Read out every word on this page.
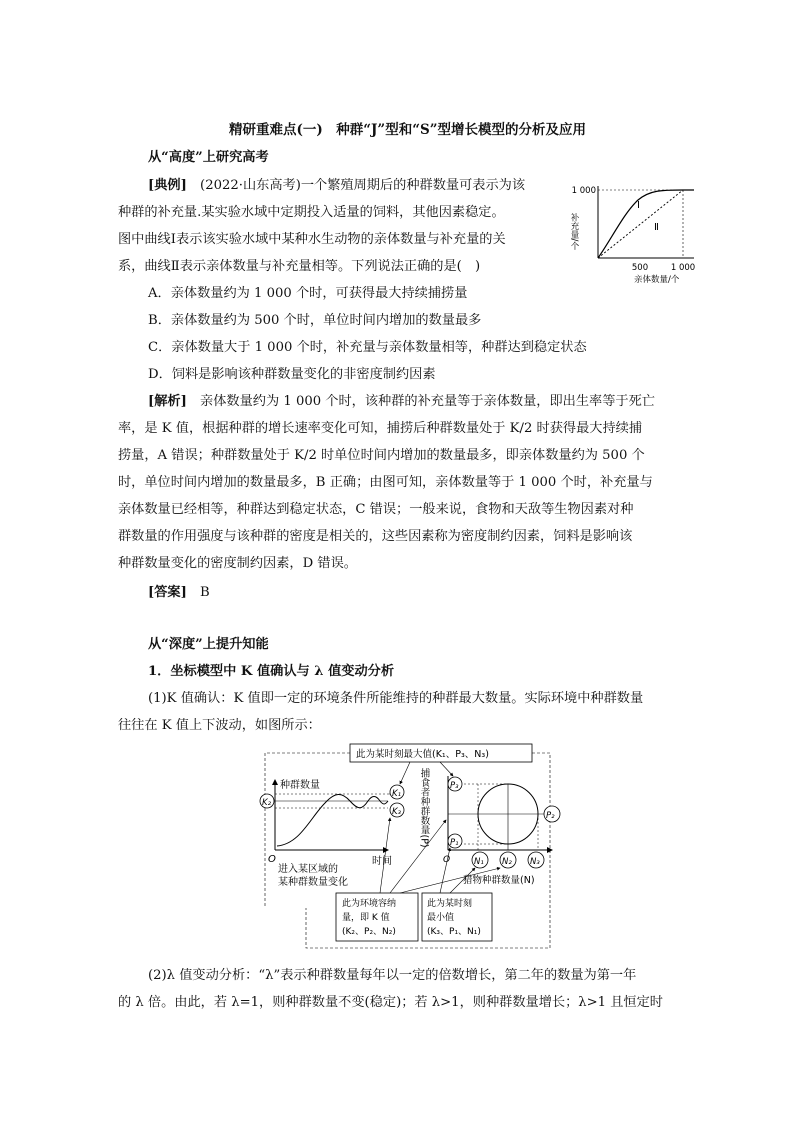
精研重难点(一)　种群“J”型和“S”型增长模型的分析及应用
从“高度”上研究高考
[典例]　 (2022·山东高考)一个繁殖周期后的种群数量可表示为该
种群的补充量.某实验水域中定期投入适量的饲料，其他因素稳定。
图中曲线Ⅰ表示该实验水域中某种水生动物的亲体数量与补充量的关
系，曲线Ⅱ表示亲体数量与补充量相等。下列说法正确的是(　)
Ⅰ
Ⅱ
1 000
500	1 000
补充量/个
亲体数量/个
A．亲体数量约为 1 000 个时，可获得最大持续捕捞量
B．亲体数量约为 500 个时，单位时间内增加的数量最多
C．亲体数量大于 1 000 个时，补充量与亲体数量相等，种群达到稳定状态
D．饲料是影响该种群数量变化的非密度制约因素
[解析]　 亲体数量约为 1 000 个时，该种群的补充量等于亲体数量，即出生率等于死亡
率，是 K 值，根据种群的增长速率变化可知，捕捞后种群数量处于 K/2 时获得最大持续捕
捞量，A 错误；种群数量处于 K/2 时单位时间内增加的数量最多，即亲体数量约为 500 个
时，单位时间内增加的数量最多，B 正确；由图可知，亲体数量等于 1 000 个时，补充量与
亲体数量已经相等，种群达到稳定状态，C 错误；一般来说，食物和天敌等生物因素对种
群数量的作用强度与该种群的密度是相关的，这些因素称为密度制约因素，饲料是影响该
种群数量变化的密度制约因素，D 错误。
[答案]　 B
从“深度”上提升知能
1．坐标模型中 K 值确认与 λ 值变动分析
(1)K 值确认：K 值即一定的环境条件所能维持的种群最大数量。实际环境中种群数量
往往在 K 值上下波动，如图所示：
此为某时刻最大值(K₁、P₃、N₃)
种群数量
时间
O
K₂
K₁
K₃
进入某区域的
某种群数量变化
捕食者种群数量(P)
O
P₃
P₁
P₂
N₁ N₂ N₃
猎物种群数量(N)
此为环境容纳
量，即 K 值
(K₂、P₂、N₂)
此为某时刻
最小值
(K₃、P₁、N₁)
(2)λ 值变动分析：“λ”表示种群数量每年以一定的倍数增长，第二年的数量为第一年
的 λ 倍。由此，若 λ=1，则种群数量不变(稳定)；若 λ>1，则种群数量增长；λ>1 且恒定时
